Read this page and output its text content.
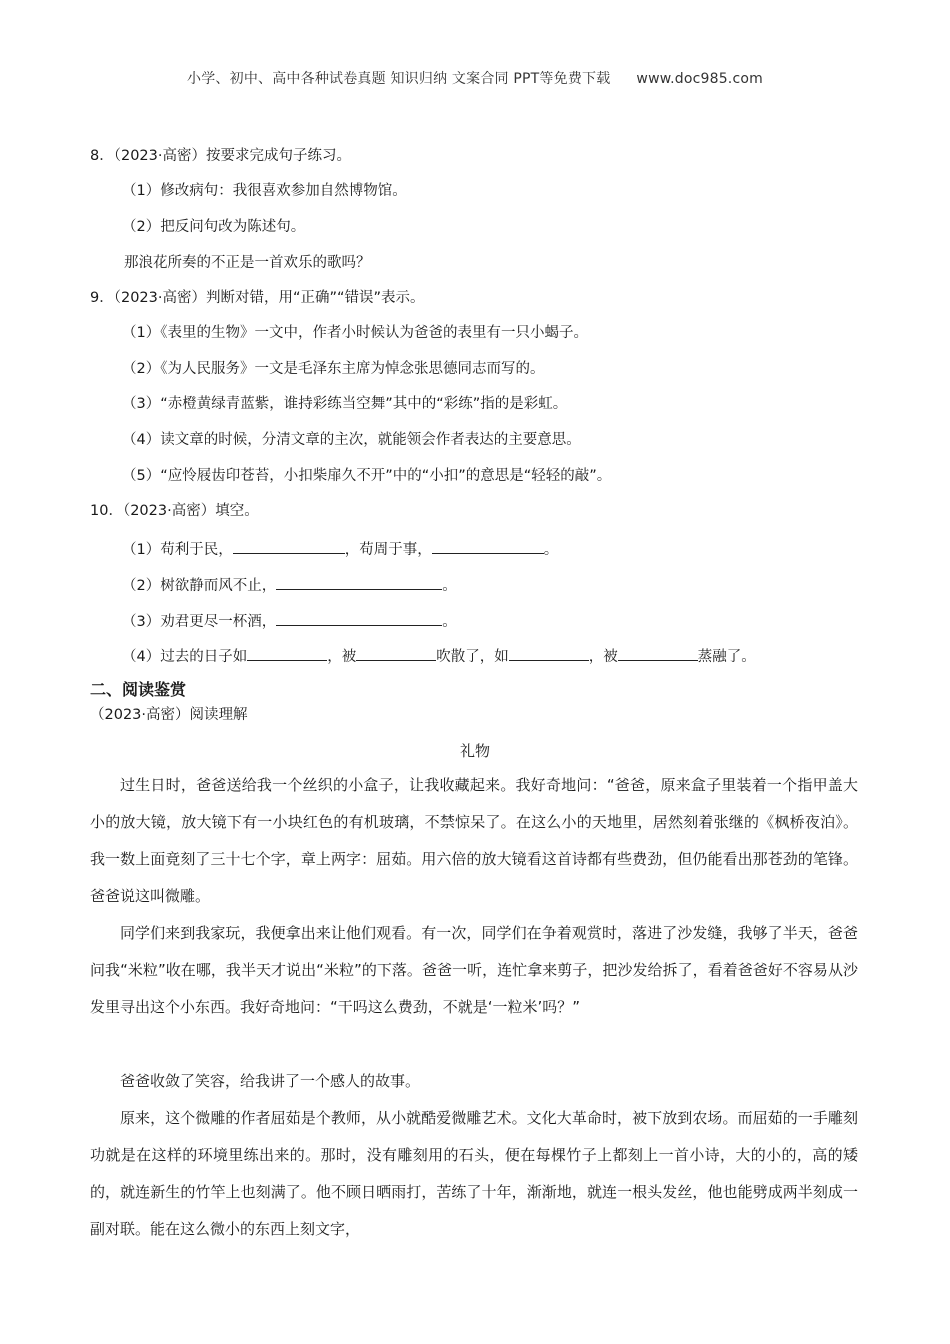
小学、初中、高中各种试卷真题 知识归纳 文案合同 PPT等免费下载 www.doc985.com
8．（2023·高密）按要求完成句子练习。
（1）修改病句：我很喜欢参加自然博物馆。
（2）把反问句改为陈述句。
那浪花所奏的不正是一首欢乐的歌吗？
9．（2023·高密）判断对错，用“正确”“错误”表示。
（1）《表里的生物》一文中，作者小时候认为爸爸的表里有一只小蝎子。
（2）《为人民服务》一文是毛泽东主席为悼念张思德同志而写的。
（3）“赤橙黄绿青蓝紫，谁持彩练当空舞”其中的“彩练”指的是彩虹。
（4）读文章的时候，分清文章的主次，就能领会作者表达的主要意思。
（5）“应怜屐齿印苍苔，小扣柴扉久不开”中的“小扣”的意思是“轻轻的敲”。
10．（2023·高密）填空。
（1）苟利于民，	，苟周于事，	。
（2）树欲静而风不止，	。
（3）劝君更尽一杯酒，	。
（4）过去的日子如	，被	吹散了，如	，被	蒸融了。
二、阅读鉴赏
（2023·高密）阅读理解
礼物

过生日时，爸爸送给我一个丝织的小盒子，让我收藏起来。我好奇地问：“爸爸，原来盒子里装着一个指甲盖大小的放大镜，放大镜下有一小块红色的有机玻璃，不禁惊呆了。在这么小的天地里，居然刻着张继的《枫桥夜泊》。我一数上面竟刻了三十七个字，章上两字：屈茹。用六倍的放大镜看这首诗都有些费劲，但仍能看出那苍劲的笔锋。爸爸说这叫微雕。

同学们来到我家玩，我便拿出来让他们观看。有一次，同学们在争着观赏时，落进了沙发缝，我够了半天，爸爸问我“米粒”收在哪，我半天才说出“米粒”的下落。爸爸一听，连忙拿来剪子，把沙发给拆了，看着爸爸好不容易从沙发里寻出这个小东西。我好奇地问：“干吗这么费劲，不就是‘一粒米’吗？”

爸爸收敛了笑容，给我讲了一个感人的故事。

原来，这个微雕的作者屈茹是个教师，从小就酷爱微雕艺术。文化大革命时，被下放到农场。而屈茹的一手雕刻功就是在这样的环境里练出来的。那时，没有雕刻用的石头，便在每棵竹子上都刻上一首小诗，大的小的，高的矮的，就连新生的竹竿上也刻满了。他不顾日晒雨打，苦练了十年，渐渐地，就连一根头发丝，他也能劈成两半刻成一副对联。能在这么微小的东西上刻文字，
